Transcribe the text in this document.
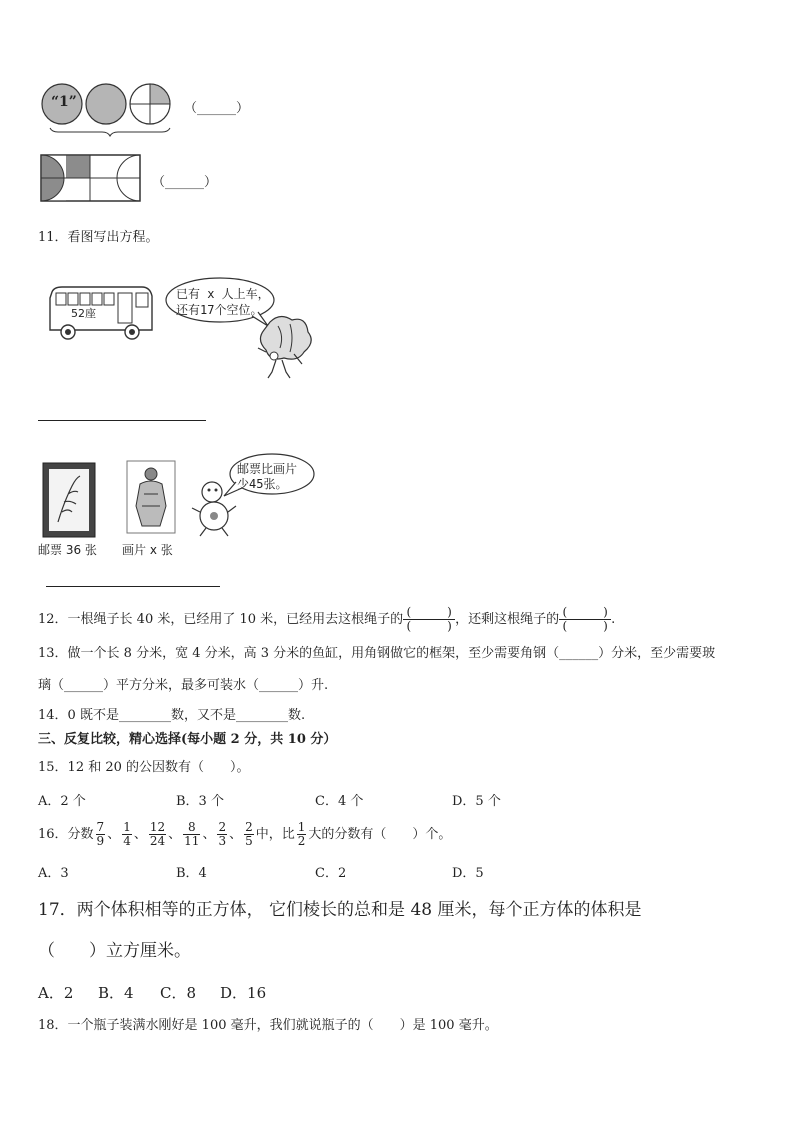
“1”	（______）
（______）
11．看图写出方程。
52座
已有 x 人上车，
还有17个空位。
邮票 36 张 画片 x 张
邮票比画片
少45张。
12．一根绳子长 40 米，已经用了 10 米，已经用去这根绳子的 (	)
(	) ，还剩这根绳子的 (	)
(	) .
13．做一个长 8 分米，宽 4 分米，高 3 分米的鱼缸，用角钢做它的框架，至少需要角钢（______）分米，至少需要玻
璃（______）平方分米，最多可装水（______）升.
14．0 既不是________数，又不是________数.
三、反复比较，精心选择(每小题 2 分，共 10 分）
15．12 和 20 的公因数有（　　）。
A．2 个	B．3 个	C．4 个	D．5 个
16．分数 $\frac{7}{9}$ 、 $\frac{1}{4}$ 、 $\frac{12}{24}$ 、 $\frac{8}{11}$ 、 $\frac{2}{3}$ 、 $\frac{2}{5}$ 中，比 $\frac{1}{2}$ 大的分数有（　　）个。
A．3	B．4	C．2	D．5
17．两个体积相等的正方体， 它们棱长的总和是 48 厘米，每个正方体的体积是
（　　）立方厘米。
A．2 B．4 C．8 D．16
18．一个瓶子装满水刚好是 100 毫升，我们就说瓶子的（　　）是 100 毫升。
